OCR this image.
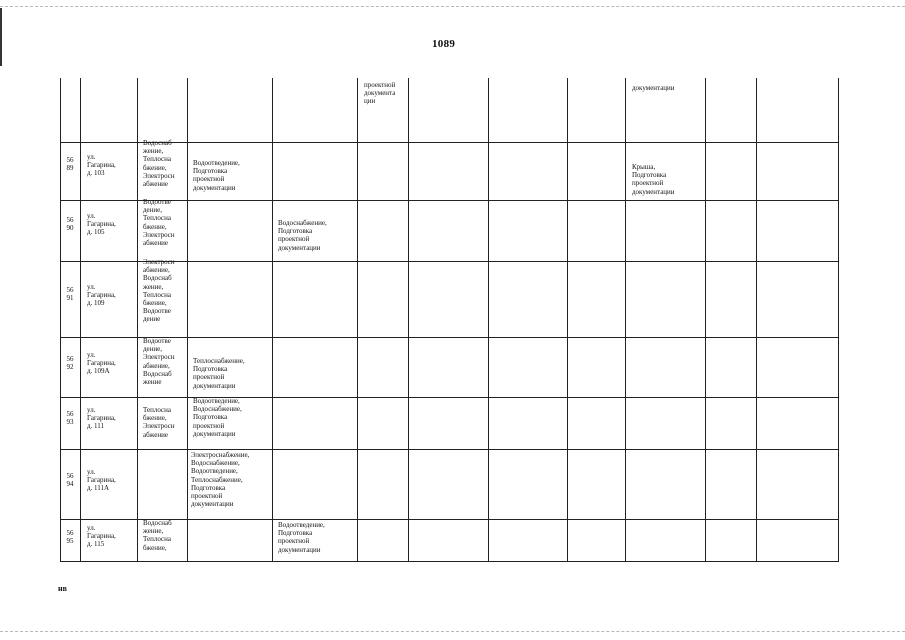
1089
проектной
документа
ции
документации
56
89
ул.
Гагарина,
д. 103
Водоснаб
жение,
Теплосна
бжение,
Электросн
абжение
Водоотведение,
Подготовка
проектной
документации
Крыша,
Подготовка
проектной
документации
56
90
ул.
Гагарина,
д. 105
Водоотве
дение,
Теплосна
бжение,
Электросн
абжение
Водоснабжение,
Подготовка
проектной
документации
56
91
ул.
Гагарина,
д. 109
Электросн
абжение,
Водоснаб
жение,
Теплосна
бжение,
Водоотве
дение
56
92
ул.
Гагарина,
д. 109А
Водоотве
дение,
Электросн
абжение,
Водоснаб
жение
Теплоснабжение,
Подготовка
проектной
документации
56
93
ул.
Гагарина,
д. 111
Теплосна
бжение,
Электросн
абжение
Водоотведение,
Водоснабжение,
Подготовка
проектной
документации
56
94
ул.
Гагарина,
д. 111А
Электроснабжение,
Водоснабжение,
Водоотведение,
Теплоснабжение,
Подготовка
проектной
документации
56
95
ул.
Гагарина,
д. 115
Водоснаб
жение,
Теплосна
бжение,
Водоотведение,
Подготовка
проектной
документации
нв
